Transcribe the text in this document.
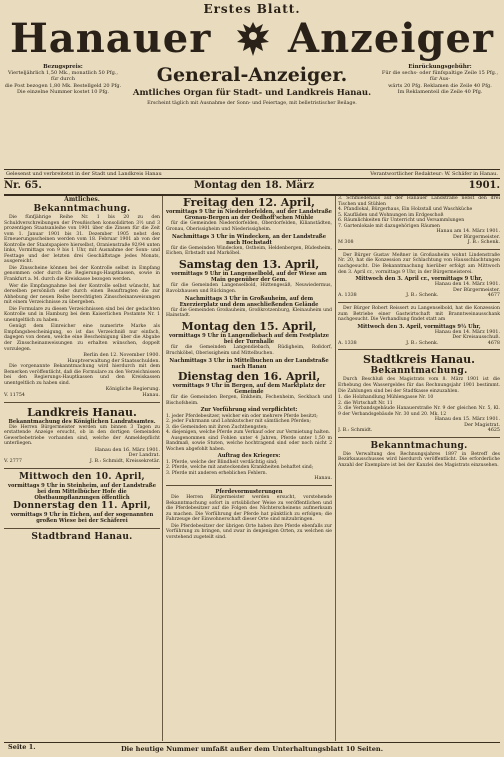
Erstes Blatt.
Hanauer Anzeiger
Bezugspreis:
Vierteljährlich 1,50 Mk., monatlich 50 Pfg., für durch
die Post bezogen 1,80 Mk. Bestellgeld 20 Pfg.
Die einzelne Nummer kostet 10 Pfg.
General-Anzeiger.
Amtliches Organ für Stadt- und Landkreis Hanau.
Erscheint täglich mit Ausnahme der Sonn- und Feiertage, mit belletristischer Beilage.
Einrückungsgebühr:
Für die sechs- oder fünfspaltige Zeile 15 Pfg., für Aus-
wärts 20 Pfg. Reklamen die Zeile 40 Pfg.
Im Reklamenteil die Zeile 40 Pfg.
Gelesenst und verbreitetst in der Stadt und Landkreis Hanau	Verantwortlicher Redakteur: W. Schäfer in Hanau.
Nr. 65.	Montag den 18. März	1901.
Amtliches.
Bekanntmachung.

Die fünfjährige Reihe Nr. 1 bis 20 zu den Schuldverschreibungen der Preußischen konsolidirten 3½ und 3 prozentigen Staatsanleihe von 1901 über die Zinsen für die Zeit vom 1. Januar 1901 bis 31. Dezember 1905 nebst den Erneuerungsscheinen werden vom 18. Februar 1901 ab von der Kontrolle der Staatspapiere hierselbst, Oranienstraße 92/94 unten links, Vormittags von 9 bis 1 Uhr, mit Ausnahme der Sonn- und Festtage und der letzten drei Geschäftstage jedes Monats, ausgereicht.

Die Zinsscheine können bei der Kontrolle selbst in Empfang genommen oder durch die Regierungs-Hauptkassen, sowie in Frankfurt a. M. durch die Kreiskasse bezogen werden.

Wer die Empfangnahme bei der Kontrolle selbst wünscht, hat derselben persönlich oder durch einen Beauftragten die zur Abhebung der neuen Reihe berechtigten Zinsscheinanweisungen mit einem Verzeichnisse zu übergeben.

Die Formulare zu diesen Verzeichnissen sind bei der gedachten Kontrolle und in Hamburg bei dem Kaiserlichen Postamte Nr. 1 unentgeltlich zu haben.

Genügt dem Einreicher eine numerirte Marke als Empfangsbescheinigung, so ist das Verzeichniß nur einfach, dagegen von denen, welche eine Bescheinigung über die Abgabe der Zinsscheinanweisungen zu erhalten wünschen, doppelt vorzulegen.

Berlin den 12. November 1900.
Hauptverwaltung der Staatsschulden.

Die vorgenannte Bekanntmachung wird hierdurch mit dem Bemerken veröffentlicht, daß die Formulare zu den Verzeichnissen bei den Regierungs-Hauptkassen und den Kreiskassen unentgeltlich zu haben sind.

Königliche Regierung.
V. 11754	Hanau.
Landkreis Hanau.
Bekanntmachung des Königlichen Landratsamtes.

Die Herren Bürgermeister werden um binnen 3 Tagen zu erstattende Anzeige ersucht, ob in den dortigen Gemeinden Gewerbebetriebe vorhanden sind, welche der Anmeldepflicht unterliegen.

Hanau den 16. März 1901.
Der Landrat.
V. 2777	J. B.: Schmidt, Kreissekretär.
Mittwoch den 10. April,
vormittags 9 Uhr in Steinheim, auf der Landstraße bei dem Mittelbücher Hofe die Obstbaumpflanzungen öffentlich
Donnerstag den 11. April,
vormittags 9 Uhr in Eichen, auf der sogenannten großen Wiese bei der Schäferei
Stadtbrand Hanau.
Freitag den 12. April,
vormittags 9 Uhr in Niederdorfelden, auf der Landstraße Gronau-Bergen an der Oedhoff'schen Mühle

für die Gemeinden Niederdorfelden, Oberdorfelden, Kilianstädten, Gronau, Oberissigheim und Niederissigheim.

Nachmittags 3 Uhr in Windecken, an der Landstraße nach Hochstadt

für die Gemeinden Windecken, Ostheim, Heldenbergen, Büdesheim, Eichen, Erbstadt und Marköbel.

Samstag den 13. April,
vormittags 9 Uhr in Langenselbold, auf der Wiese am Main gegenüber der Gem.

für die Gemeinden Langenselbold, Hüttengesäß, Neuwiedermus, Ravolzhausen und Rückingen.

Nachmittags 3 Uhr in Großauheim, auf dem Exerzierplatz und dem anschließenden Gelände

für die Gemeinden Großauheim, Großkrotzenburg, Kleinauheim und Hainstadt.

Montag den 15. April,
vormittags 9 Uhr in Langendiebach auf dem Festplatze bei der Turnhalle

für die Gemeinden Langendiebach, Rüdigheim, Roßdorf, Bruchköbel, Oberissigheim und Mittelbuchen.

Nachmittags 3 Uhr in Mittelbuchen an der Landstraße nach Hanau
Dienstag den 16. April,
vormittags 9 Uhr in Bergen, auf dem Marktplatz der Gemeinde

für die Gemeinden Bergen, Enkheim, Fechenheim, Seckbach und Bischofsheim.

Zur Vorführung sind verpflichtet:
1. jeder Pferdebesitzer, welcher ein oder mehrere Pferde besitzt;
2. jeder Fuhrmann und Lohnkutscher mit sämtlichen Pferden;
3. die Gemeinden mit ihren Zuchthengsten;
4. diejenigen, welche Pferde zum Verkauf oder zur Vermietung halten.

Ausgenommen sind Fohlen unter 4 Jahren, Pferde unter 1,50 m Bandmaß, sowie Stuten, welche hochtragend sind oder noch nicht 2 Wochen abgefohlt haben.

Auftrag des Kriegers:
1. Pferde, welche der Blindheit verdächtig sind;
2. Pferde, welche mit ansteckenden Krankheiten behaftet sind;
3. Pferde mit anderen erheblichen Fehlern.
Hanau.
Pferdevormusterungen

Die Herren Bürgermeister werden ersucht, vorstehende Bekanntmachung sofort in ortsüblicher Weise zu veröffentlichen und die Pferdebesitzer auf die Folgen des Nichterscheinens aufmerksam zu machen. Die Vorführung der Pferde hat pünktlich zu erfolgen; die Fahrzeuge der Einwohnerschaft dieser Orte sind mitzubringen.

Die Pferdebesitzer der übrigen Orte haben ihre Pferde ebenfalls zur Vorführung zu bringen, und zwar in denjenigen Orten, zu welchen sie vorstehend zugeteilt sind.

3. Schmiedehaus auf der Hanauer Landstraße nebst den drei Tischen und Stühlen
4. Pfandlokal, Bürgerhaus, Ein Holzstall und Waschküche
5. Kaufläden und Wohnungen im Erdgeschoß
6. Räumlichkeiten für Unterricht und Versammlungen
7. Gartenlokale mit dazugehörigen Räumen
Hanau am 14. März 1901.
Der Bürgermeister.
M 308	J. B.: Schenk.

Der Bürger Gustav Meßner in Großauheim wohnt Lindenstraße Nr. 20, hat die Konzession zur Schlachtung von Hausschlachtungen nachgesucht. Die Bekanntmachung hierüber erfolgt am Mittwoch den 3. April cr., vormittags 9 Uhr, in der Bürgermeisterei.

Mittwoch den 3. April cr., vormittags 9 Uhr,
Hanau den 14. März 1901.
Der Bürgermeister.
A. 1338	J. B.: Schenk.	4677

Der Bürger Robert Reissert zu Langenselbold, hat die Konzession zum Betriebe einer Gastwirtschaft mit Branntweinausschank nachgesucht. Die Verhandlung findet statt am

Mittwoch den 3. April, vormittags 9½ Uhr,
Hanau den 14. März 1901.
Der Kreisausschuß.
A. 1338	J. B.: Schenk.	4678
Stadtkreis Hanau.
Bekanntmachung.

Durch Beschluß des Magistrats vom 8. März 1901 ist die Erhebung des Wassergeldes für das Rechnungsjahr 1901 bestimmt. Die Zahlungen sind bei der Stadtkasse einzuzahlen.

1. die Holzhandlung Mühlengasse Nr. 10
2. die Wirtschaft Nr. 11
3. die Verbandsgebäude Hanauerstraße Nr. 9 der gleichen Nr. 5, Kl. 9 der Verbandsgebäude Nr. 30 und 20. Mk. 12
Hanau den 15. März 1901.
Der Magistrat.
J. B.: Schmidt.	4625
Bekanntmachung.

Die Verwaltung des Rechnungsjahres 1897 in Betreff des Bezirksausschusses wird hierdurch veröffentlicht. Die erforderliche Anzahl der Exemplare ist bei der Kanzlei des Magistrats einzusehen.

Die heutige Nummer umfaßt außer dem Unterhaltungsblatt 10 Seiten.
Seite 1.
